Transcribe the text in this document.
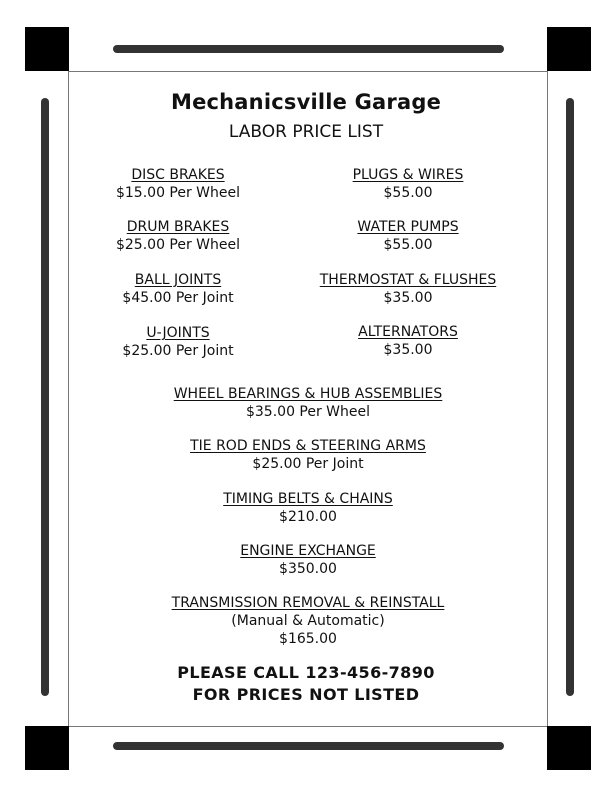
Mechanicsville Garage
LABOR PRICE LIST
DISC BRAKES
$15.00 Per Wheel
DRUM BRAKES
$25.00 Per Wheel
BALL JOINTS
$45.00 Per Joint
U-JOINTS
$25.00 Per Joint
PLUGS & WIRES
$55.00
WATER PUMPS
$55.00
THERMOSTAT & FLUSHES
$35.00
ALTERNATORS
$35.00
WHEEL BEARINGS & HUB ASSEMBLIES
$35.00 Per Wheel
TIE ROD ENDS & STEERING ARMS
$25.00 Per Joint
TIMING BELTS & CHAINS
$210.00
ENGINE EXCHANGE
$350.00
TRANSMISSION REMOVAL & REINSTALL
(Manual & Automatic)
$165.00
PLEASE CALL 123-456-7890
FOR PRICES NOT LISTED
